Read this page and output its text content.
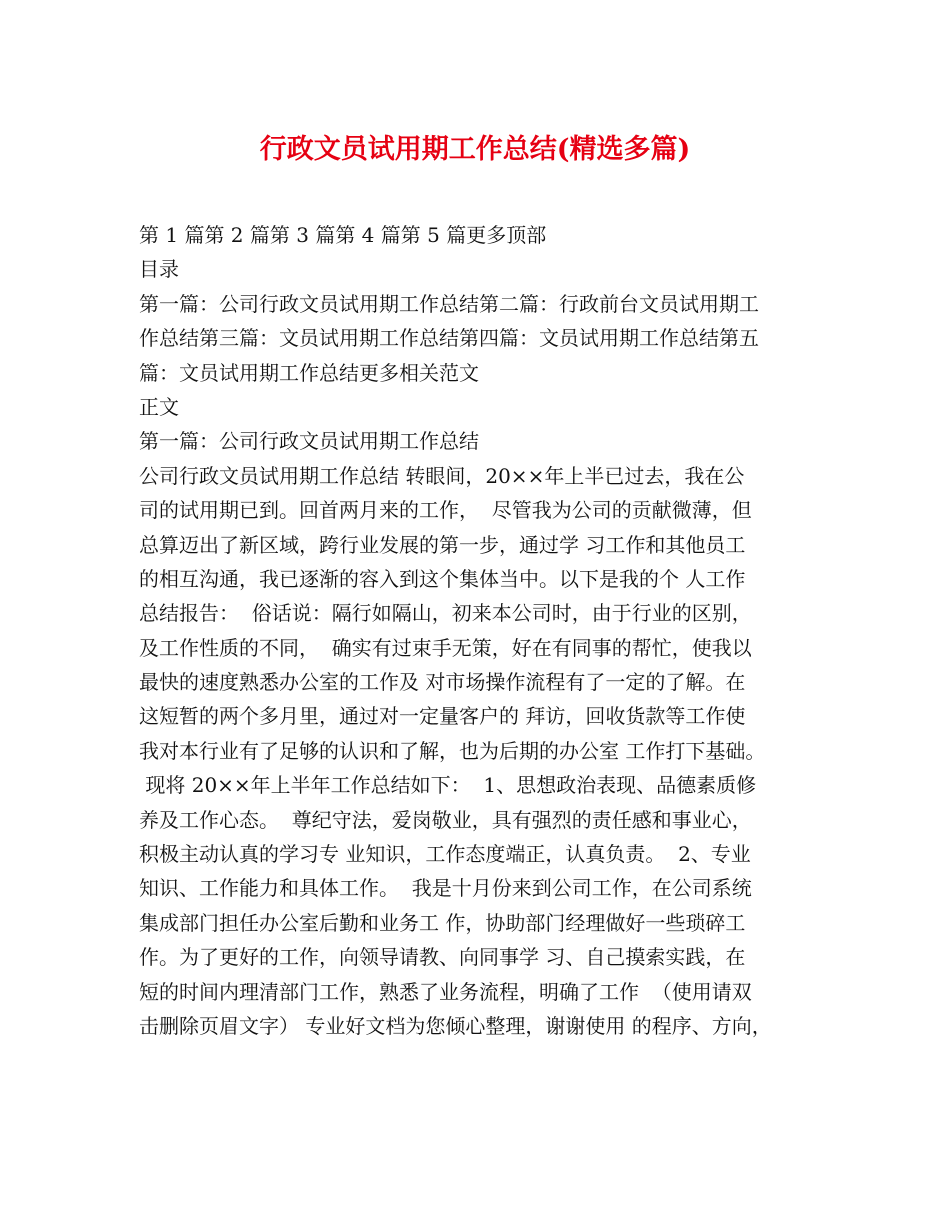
行政文员试用期工作总结(精选多篇)
第 1 篇第 2 篇第 3 篇第 4 篇第 5 篇更多顶部
目录
第一篇：公司行政文员试用期工作总结第二篇：行政前台文员试用期工
作总结第三篇：文员试用期工作总结第四篇：文员试用期工作总结第五
篇：文员试用期工作总结更多相关范文
正文
第一篇：公司行政文员试用期工作总结
公司行政文员试用期工作总结 转眼间，20××年上半已过去，我在公
司的试用期已到。回首两月来的工作，  尽管我为公司的贡献微薄，但
总算迈出了新区域，跨行业发展的第一步，通过学 习工作和其他员工
的相互沟通，我已逐渐的容入到这个集体当中。以下是我的个 人工作
总结报告：  俗话说：隔行如隔山，初来本公司时，由于行业的区别，
及工作性质的不同，  确实有过束手无策，好在有同事的帮忙，使我以
最快的速度熟悉办公室的工作及 对市场操作流程有了一定的了解。在
这短暂的两个多月里，通过对一定量客户的 拜访，回收货款等工作使
我对本行业有了足够的认识和了解，也为后期的办公室 工作打下基础。
现将 20××年上半年工作总结如下：  1、思想政治表现、品德素质修
养及工作心态。  尊纪守法，爱岗敬业，具有强烈的责任感和事业心，
积极主动认真的学习专 业知识，工作态度端正，认真负责。  2、专业
知识、工作能力和具体工作。  我是十月份来到公司工作，在公司系统
集成部门担任办公室后勤和业务工 作，协助部门经理做好一些琐碎工
作。为了更好的工作，向领导请教、向同事学 习、自己摸索实践，在
短的时间内理清部门工作，熟悉了业务流程，明确了工作  （使用请双
击删除页眉文字） 专业好文档为您倾心整理，谢谢使用 的程序、方向，
